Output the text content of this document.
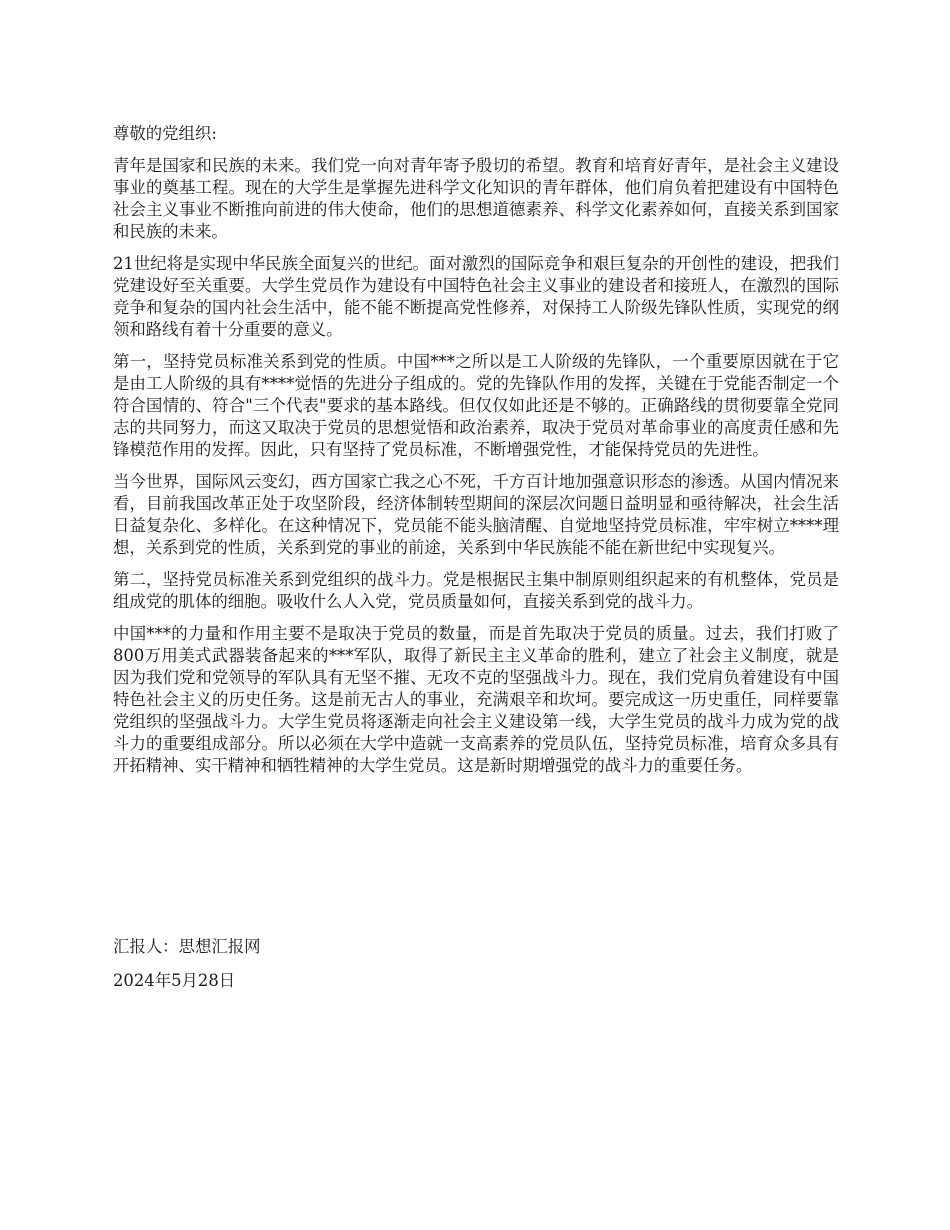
尊敬的党组织:

青年是国家和民族的未来。我们党一向对青年寄予殷切的希望。教育和培育好青年，是社会主义建设事业的奠基工程。现在的大学生是掌握先进科学文化知识的青年群体，他们肩负着把建设有中国特色社会主义事业不断推向前进的伟大使命，他们的思想道德素养、科学文化素养如何，直接关系到国家和民族的未来。

21世纪将是实现中华民族全面复兴的世纪。面对激烈的国际竞争和艰巨复杂的开创性的建设，把我们党建设好至关重要。大学生党员作为建设有中国特色社会主义事业的建设者和接班人，在激烈的国际竞争和复杂的国内社会生活中，能不能不断提高党性修养，对保持工人阶级先锋队性质，实现党的纲领和路线有着十分重要的意义。

第一，坚持党员标准关系到党的性质。中国***之所以是工人阶级的先锋队，一个重要原因就在于它是由工人阶级的具有****觉悟的先进分子组成的。党的先锋队作用的发挥，关键在于党能否制定一个符合国情的、符合"三个代表"要求的基本路线。但仅仅如此还是不够的。正确路线的贯彻要靠全党同志的共同努力，而这又取决于党员的思想觉悟和政治素养，取决于党员对革命事业的高度责任感和先锋模范作用的发挥。因此，只有坚持了党员标准，不断增强党性，才能保持党员的先进性。

当今世界，国际风云变幻，西方国家亡我之心不死，千方百计地加强意识形态的渗透。从国内情况来看，目前我国改革正处于攻坚阶段，经济体制转型期间的深层次问题日益明显和亟待解决，社会生活日益复杂化、多样化。在这种情况下，党员能不能头脑清醒、自觉地坚持党员标准，牢牢树立****理想，关系到党的性质，关系到党的事业的前途，关系到中华民族能不能在新世纪中实现复兴。

第二，坚持党员标准关系到党组织的战斗力。党是根据民主集中制原则组织起来的有机整体，党员是组成党的肌体的细胞。吸收什么人入党，党员质量如何，直接关系到党的战斗力。

中国***的力量和作用主要不是取决于党员的数量，而是首先取决于党员的质量。过去，我们打败了800万用美式武器装备起来的***军队，取得了新民主主义革命的胜利，建立了社会主义制度，就是因为我们党和党领导的军队具有无坚不摧、无攻不克的坚强战斗力。现在，我们党肩负着建设有中国特色社会主义的历史任务。这是前无古人的事业，充满艰辛和坎坷。要完成这一历史重任，同样要靠党组织的坚强战斗力。大学生党员将逐渐走向社会主义建设第一线，大学生党员的战斗力成为党的战斗力的重要组成部分。所以必须在大学中造就一支高素养的党员队伍，坚持党员标准，培育众多具有开拓精神、实干精神和牺牲精神的大学生党员。这是新时期增强党的战斗力的重要任务。

汇报人：思想汇报网

2024年5月28日
